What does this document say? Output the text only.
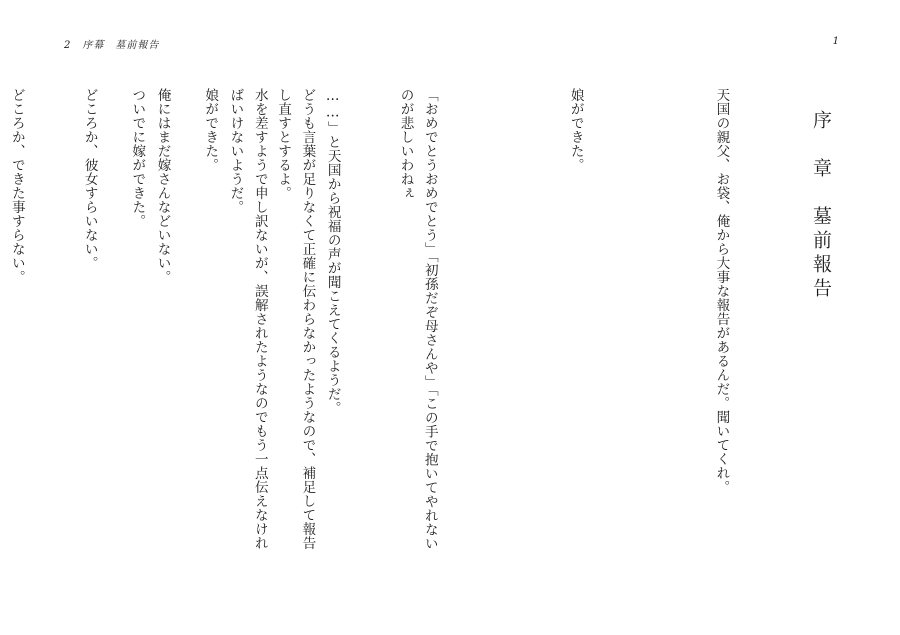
1
序　章　墓前報告

天国の親父、お袋、俺から大事な報告があるんだ。聞いてくれ。

娘ができた。

「おめでとうおめでとう」「初孫だぞ母さんや」「この手で抱いてやれないのが悲しいわねぇ

……」と天国から祝福の声が聞こえてくるようだ。

水を差すようで申し訳ないが、誤解されたようなのでもう一点伝えなければいけないようだ。

俺にはまだ嫁さんなどいない。

どころか、彼女すらいない。

どころか、できた事すらない。

2　序幕　墓前報告

どうも言葉が足りなくて正確に伝わらなかったようなので、補足して報告し直すとするよ。

娘ができた。

ついでに嫁ができた。
